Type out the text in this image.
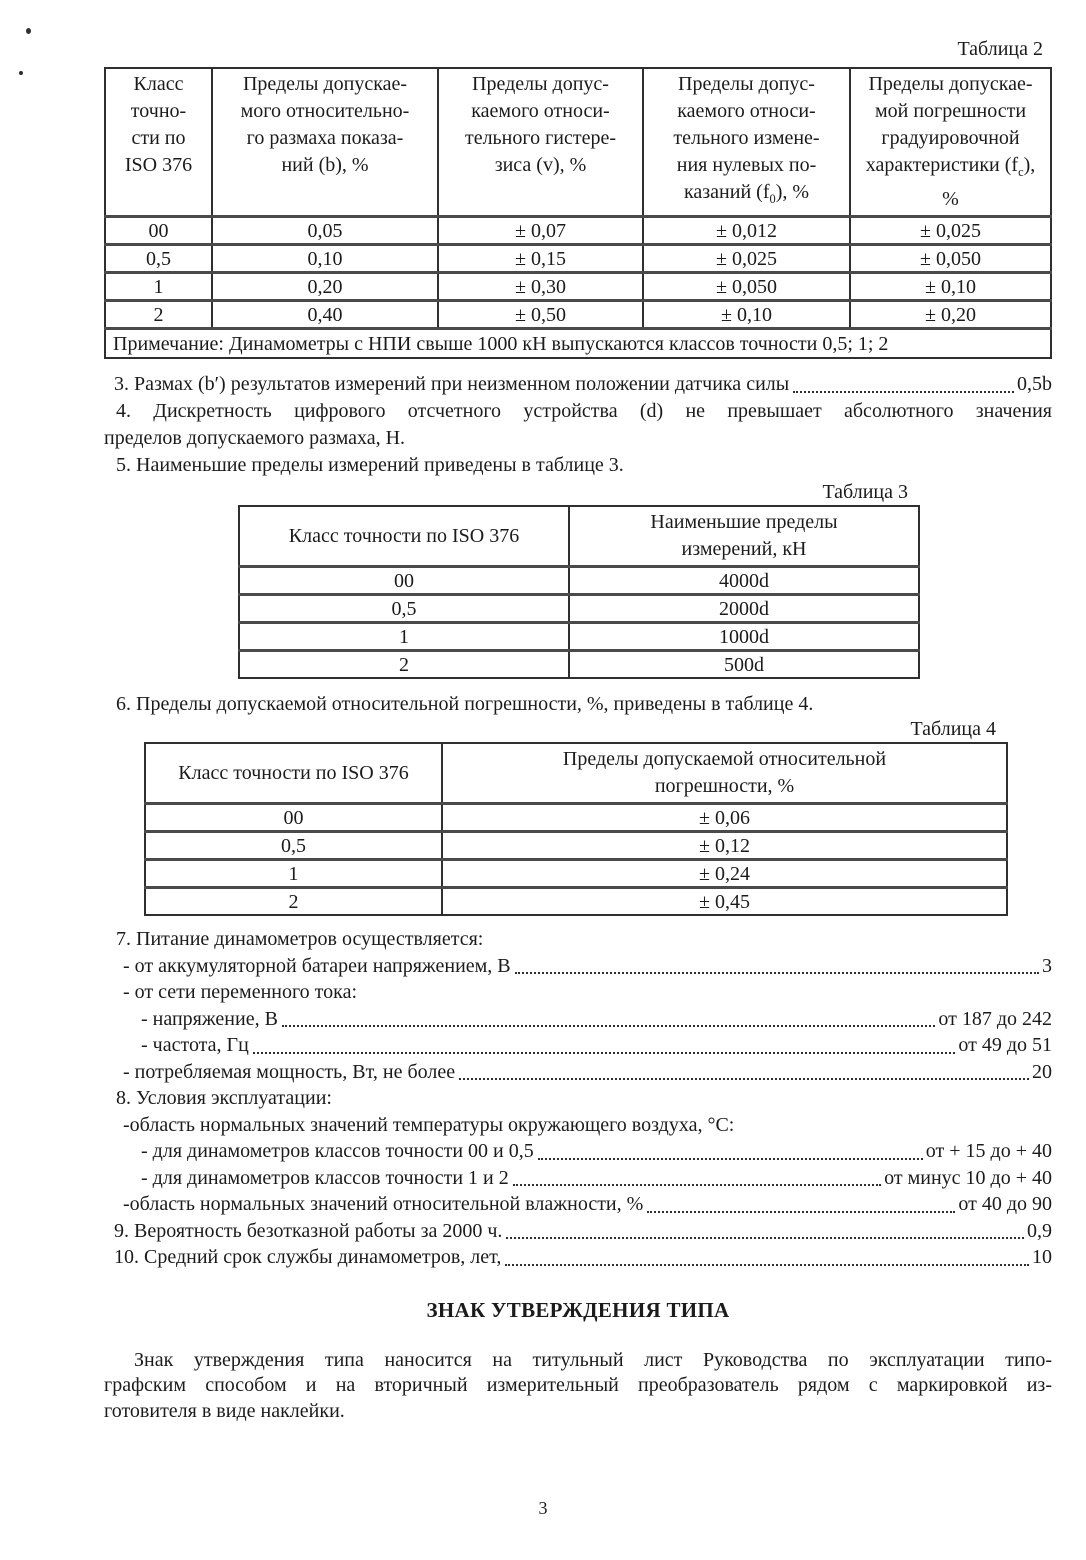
Таблица 2
Класс
точно-
сти по
ISO 376	Пределы допускае-
мого относительно-
го размаха показа-
ний (b), %	Пределы допус-
каемого относи-
тельного гистере-
зиса (v), %	Пределы допус-
каемого относи-
тельного измене-
ния нулевых по-
казаний $(f_0)$, %	Пределы допускае-
мой погрешности
градуировочной
характеристики $(f_c)$,
%
00	0,05	± 0,07	± 0,012	± 0,025
0,5	0,10	± 0,15	± 0,025	± 0,050
1	0,20	± 0,30	± 0,050	± 0,10
2	0,40	± 0,50	± 0,10	± 0,20
Примечание: Динамометры с НПИ свыше 1000 кН выпускаются классов точности 0,5; 1; 2				
3. Размах (b′) результатов измерений при неизменном положении датчика силы	0,5b
4. Дискретность цифрового отсчетного устройства (d) не превышает абсолютного значения
пределов допускаемого размаха, Н.
5. Наименьшие пределы измерений приведены в таблице 3.
Таблица 3
Класс точности по ISO 376	Наименьшие пределы
измерений, кН
00	4000d
0,5	2000d
1	1000d
2	500d

6. Пределы допускаемой относительной погрешности, %, приведены в таблице 4.

Таблица 4
Класс точности по ISO 376	Пределы допускаемой относительной
погрешности, %
00	± 0,06
0,5	± 0,12
1	± 0,24
2	± 0,45
7. Питание динамометров осуществляется:
- от аккумуляторной батареи напряжением, В	3
- от сети переменного тока:
- напряжение, В	от 187 до 242
- частота, Гц	от 49 до 51
- потребляемая мощность, Вт, не более	20
8. Условия эксплуатации:
-область нормальных значений температуры окружающего воздуха, °С:
- для динамометров классов точности 00 и 0,5	от + 15 до + 40
- для динамометров классов точности 1 и 2	от минус 10 до + 40
-область нормальных значений относительной влажности, %	от 40 до 90
9. Вероятность безотказной работы за 2000 ч.	0,9
10. Средний срок службы динамометров, лет,	10
ЗНАК УТВЕРЖДЕНИЯ ТИПА
Знак утверждения типа наносится на титульный лист Руководства по эксплуатации типо-
графским способом и на вторичный измерительный преобразователь рядом с маркировкой из-
готовителя в виде наклейки.
3
